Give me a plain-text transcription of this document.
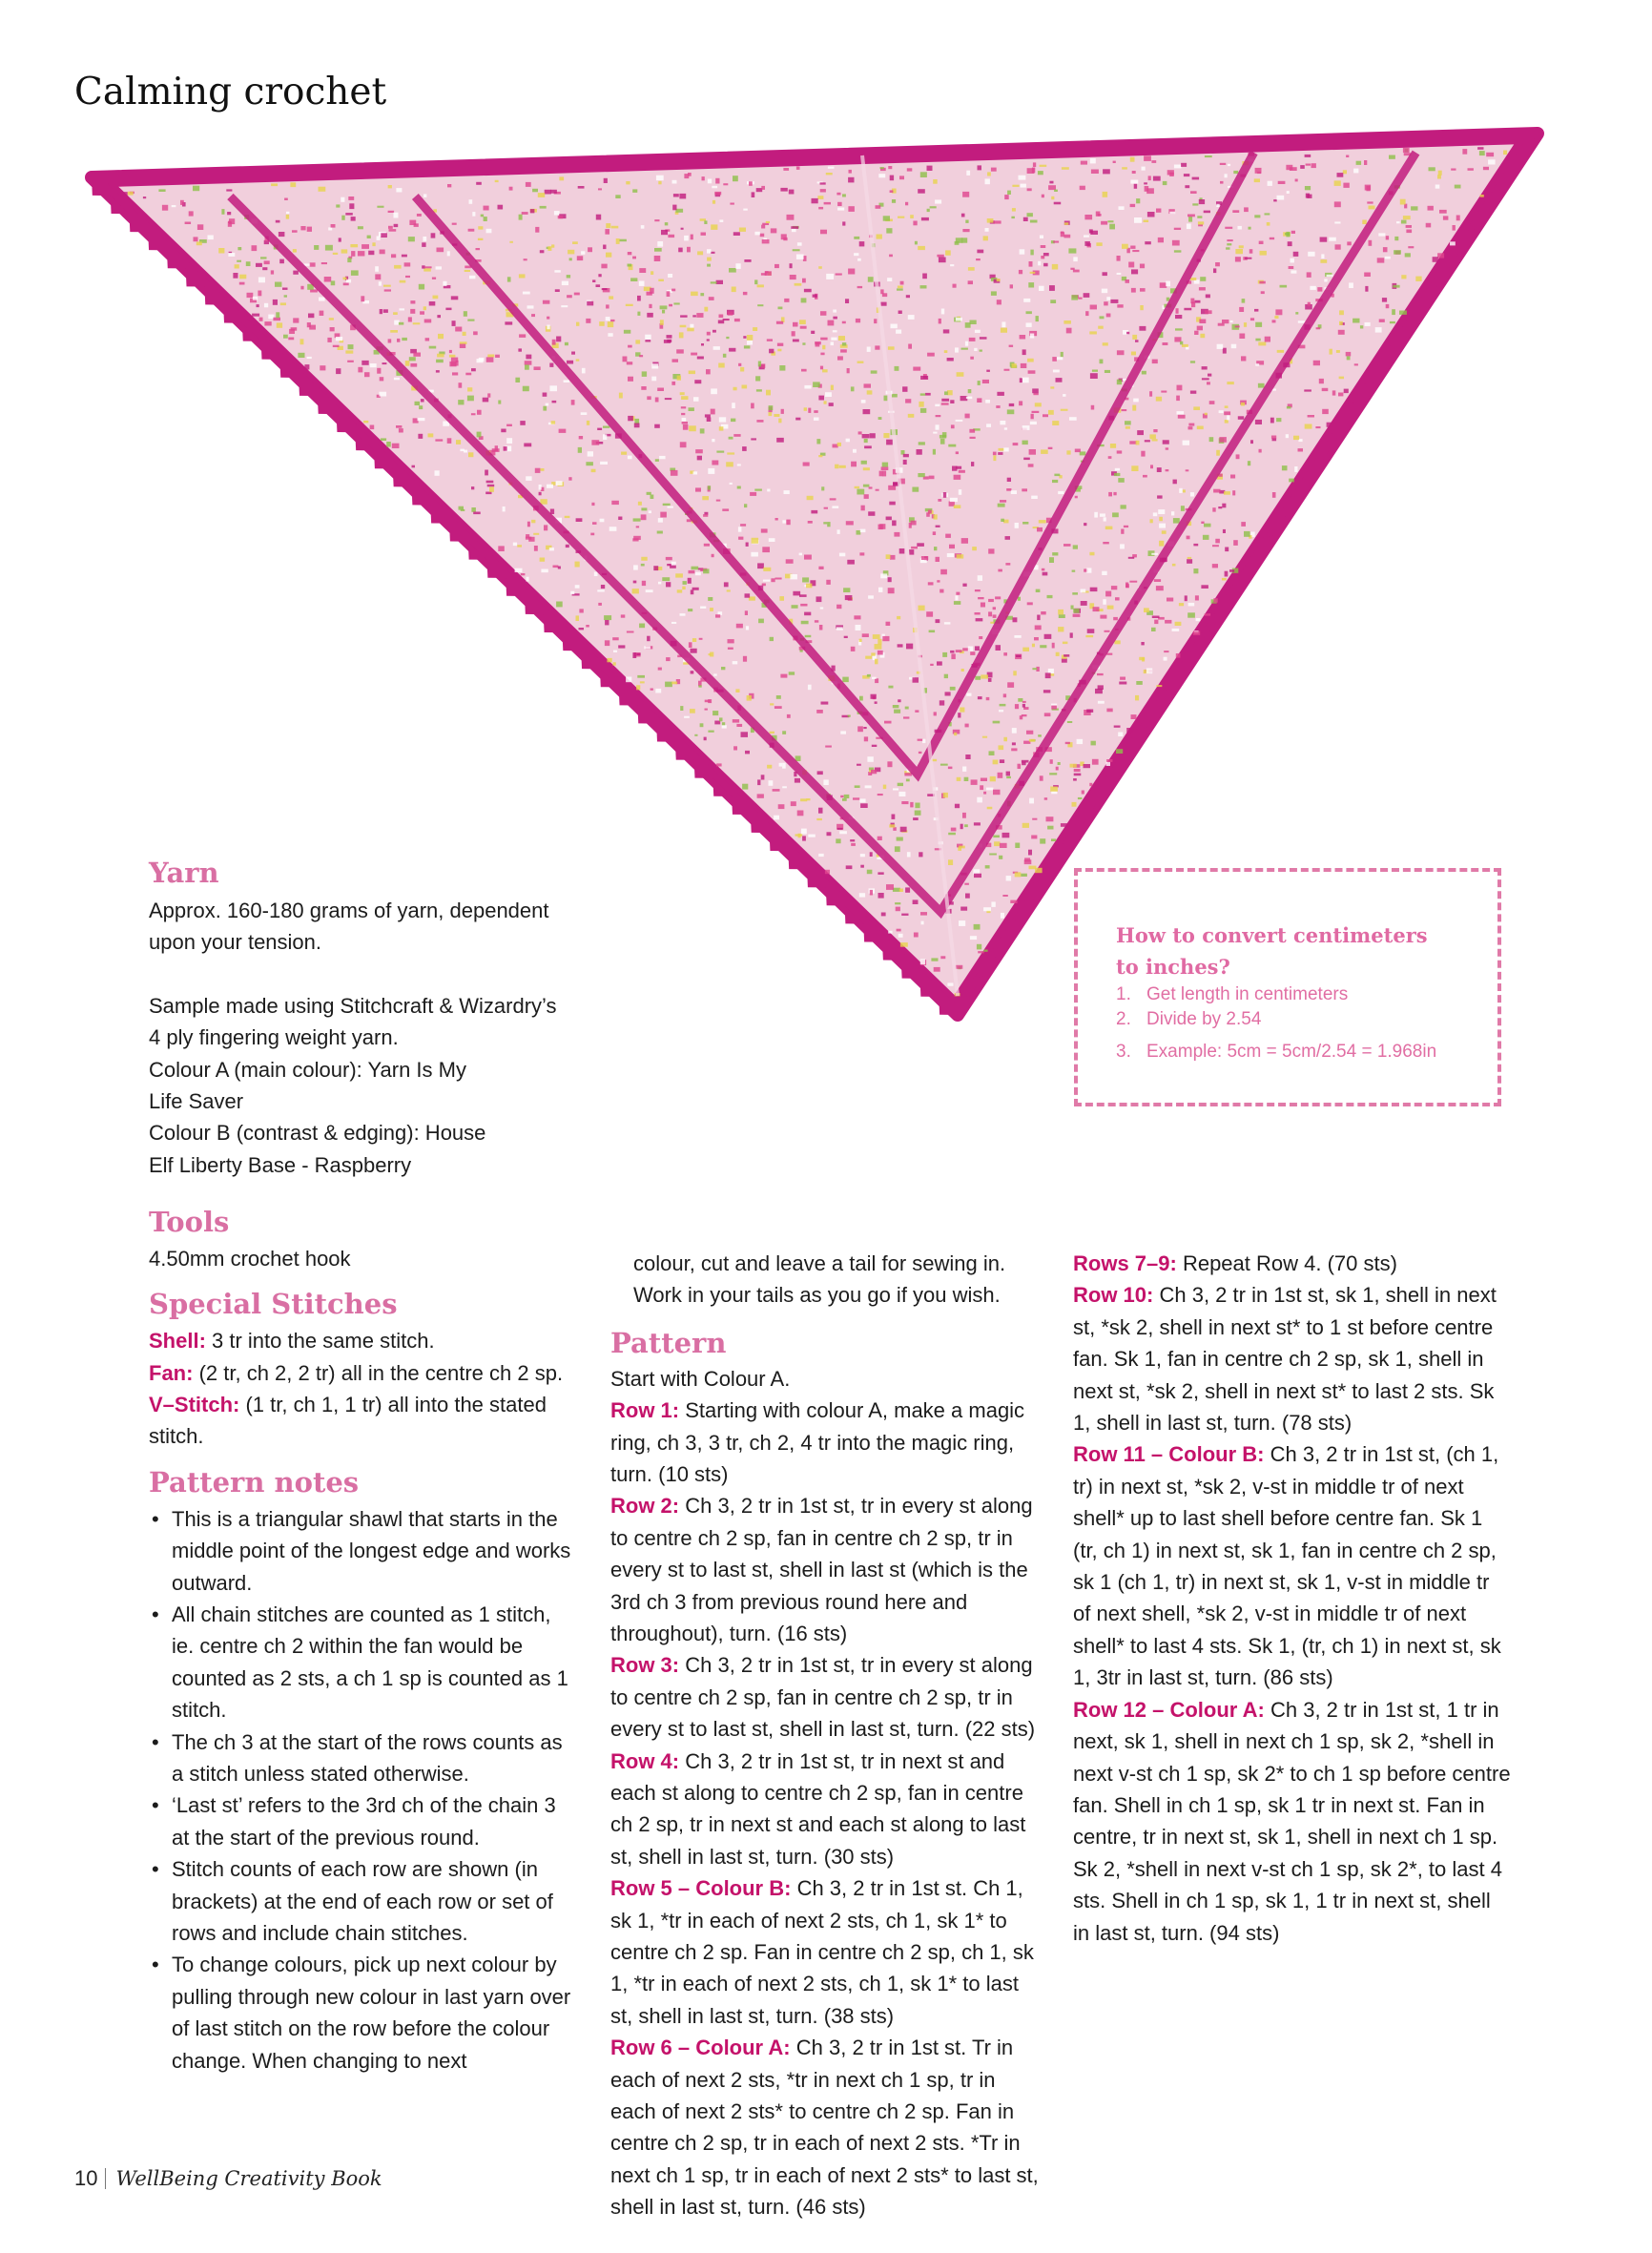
Calming crochet
Yarn

Approx. 160-180 grams of yarn, dependent

upon your tension.

Sample made using Stitchcraft & Wizardry’s

4 ply fingering weight yarn.

Colour A (main colour): Yarn Is My

Life Saver

Colour B (contrast & edging): House

Elf Liberty Base - Raspberry

Tools

4.50mm crochet hook

Special Stitches

Shell: 3 tr into the same stitch.

Fan: (2 tr, ch 2, 2 tr) all in the centre ch 2 sp.

V–Stitch: (1 tr, ch 1, 1 tr) all into the stated stitch.

Pattern notes
• This is a triangular shawl that starts in the middle point of the longest edge and works outward.
• All chain stitches are counted as 1 stitch, ie. centre ch 2 within the fan would be counted as 2 sts, a ch 1 sp is counted as 1 stitch.
• The ch 3 at the start of the rows counts as a stitch unless stated otherwise.
• ‘Last st’ refers to the 3rd ch of the chain 3 at the start of the previous round.
• Stitch counts of each row are shown (in brackets) at the end of each row or set of rows and include chain stitches.
• To change colours, pick up next colour by pulling through new colour in last yarn over of last stitch on the row before the colour change. When changing to next

colour, cut and leave a tail for sewing in. Work in your tails as you go if you wish.

Pattern

Start with Colour A.

Row 1: Starting with colour A, make a magic ring, ch 3, 3 tr, ch 2, 4 tr into the magic ring, turn. (10 sts)

Row 2: Ch 3, 2 tr in 1st st, tr in every st along to centre ch 2 sp, fan in centre ch 2 sp, tr in every st to last st, shell in last st (which is the 3rd ch 3 from previous round here and throughout), turn. (16 sts)

Row 3: Ch 3, 2 tr in 1st st, tr in every st along to centre ch 2 sp, fan in centre ch 2 sp, tr in every st to last st, shell in last st, turn. (22 sts)

Row 4: Ch 3, 2 tr in 1st st, tr in next st and each st along to centre ch 2 sp, fan in centre ch 2 sp, tr in next st and each st along to last st, shell in last st, turn. (30 sts)

Row 5 – Colour B: Ch 3, 2 tr in 1st st. Ch 1, sk 1, *tr in each of next 2 sts, ch 1, sk 1* to centre ch 2 sp. Fan in centre ch 2 sp, ch 1, sk 1, *tr in each of next 2 sts, ch 1, sk 1* to last st, shell in last st, turn. (38 sts)

Row 6 – Colour A: Ch 3, 2 tr in 1st st. Tr in each of next 2 sts, *tr in next ch 1 sp, tr in each of next 2 sts* to centre ch 2 sp. Fan in centre ch 2 sp, tr in each of next 2 sts. *Tr in next ch 1 sp, tr in each of next 2 sts* to last st, shell in last st, turn. (46 sts)

Rows 7–9: Repeat Row 4. (70 sts)

Row 10: Ch 3, 2 tr in 1st st, sk 1, shell in next st, *sk 2, shell in next st* to 1 st before centre fan. Sk 1, fan in centre ch 2 sp, sk 1, shell in next st, *sk 2, shell in next st* to last 2 sts. Sk 1, shell in last st, turn. (78 sts)

Row 11 – Colour B: Ch 3, 2 tr in 1st st, (ch 1, tr) in next st, *sk 2, v-st in middle tr of next shell* up to last shell before centre fan. Sk 1 (tr, ch 1) in next st, sk 1, fan in centre ch 2 sp, sk 1 (ch 1, tr) in next st, sk 1, v-st in middle tr of next shell, *sk 2, v-st in middle tr of next shell* to last 4 sts. Sk 1, (tr, ch 1) in next st, sk 1, 3tr in last st, turn. (86 sts)

Row 12 – Colour A: Ch 3, 2 tr in 1st st, 1 tr in next, sk 1, shell in next ch 1 sp, sk 2, *shell in next v-st ch 1 sp, sk 2* to ch 1 sp before centre fan. Shell in ch 1 sp, sk 1 tr in next st. Fan in centre, tr in next st, sk 1, shell in next ch 1 sp. Sk 2, *shell in next v-st ch 1 sp, sk 2*, to last 4 sts. Shell in ch 1 sp, sk 1, 1 tr in next st, shell in last st, turn. (94 sts)

How to convert centimeters
to inches?
1. Get length in centimeters
2. Divide by 2.54
3. Example: 5cm = 5cm/2.54 = 1.968in
10 WellBeing Creativity Book
